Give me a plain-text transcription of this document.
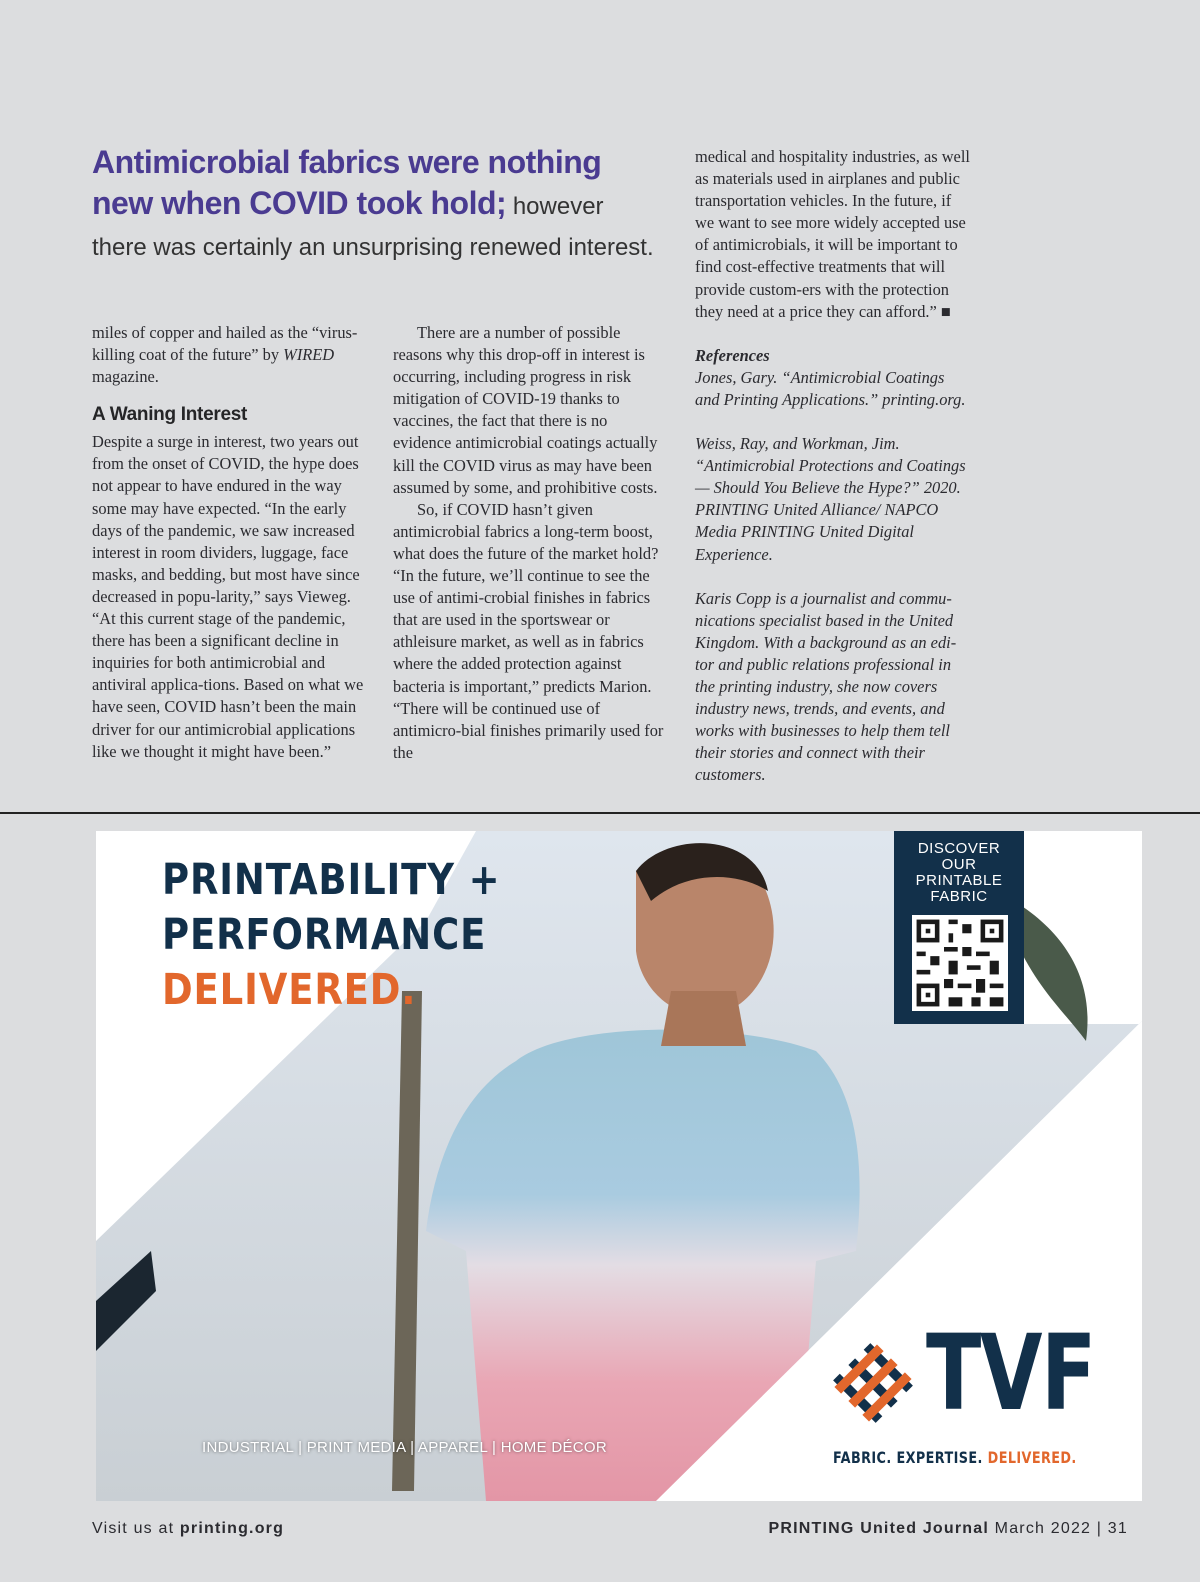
Antimicrobial fabrics were nothing new when COVID took hold; however there was certainly an unsurprising renewed interest.

miles of copper and hailed as the “virus-killing coat of the future” by WIRED magazine.

A Waning Interest

Despite a surge in interest, two years out from the onset of COVID, the hype does not appear to have endured in the way some may have expected. “In the early days of the pandemic, we saw increased interest in room dividers, luggage, face masks, and bedding, but most have since decreased in popu-larity,” says Vieweg. “At this current stage of the pandemic, there has been a significant decline in inquiries for both antimicrobial and antiviral applica-tions. Based on what we have seen, COVID hasn’t been the main driver for our antimicrobial applications like we thought it might have been.”

There are a number of possible reasons why this drop-off in interest is occurring, including progress in risk mitigation of COVID-19 thanks to vaccines, the fact that there is no evidence antimicrobial coatings actually kill the COVID virus as may have been assumed by some, and prohibitive costs.

So, if COVID hasn’t given antimicrobial fabrics a long-term boost, what does the future of the market hold? “In the future, we’ll continue to see the use of antimi-crobial finishes in fabrics that are used in the sportswear or athleisure market, as well as in fabrics where the added protection against bacteria is important,” predicts Marion. “There will be continued use of antimicro-bial finishes primarily used for the

medical and hospitality industries, as well as materials used in airplanes and public transportation vehicles. In the future, if we want to see more widely accepted use of antimicrobials, it will be important to find cost-effective treatments that will provide custom-ers with the protection they need at a price they can afford.” ■

References

Jones, Gary. “Antimicrobial Coatings and Printing Applications.” printing.org.

Weiss, Ray, and Workman, Jim. “Antimicrobial Protections and Coatings — Should You Believe the Hype?” 2020. PRINTING United Alliance/ NAPCO Media PRINTING United Digital Experience.

Karis Copp is a journalist and commu-nications specialist based in the United Kingdom. With a background as an edi-tor and public relations professional in the printing industry, she now covers industry news, trends, and events, and works with businesses to help them tell their stories and connect with their customers.

PRINTABILITY +
PERFORMANCE
DELIVERED.
DISCOVER
OUR
PRINTABLE
FABRIC
INDUSTRIAL | PRINT MEDIA | APPAREL | HOME DÉCOR
TVF
FABRIC. EXPERTISE. DELIVERED.
Visit us at printing.org	PRINTING United Journal March 2022 | 31
